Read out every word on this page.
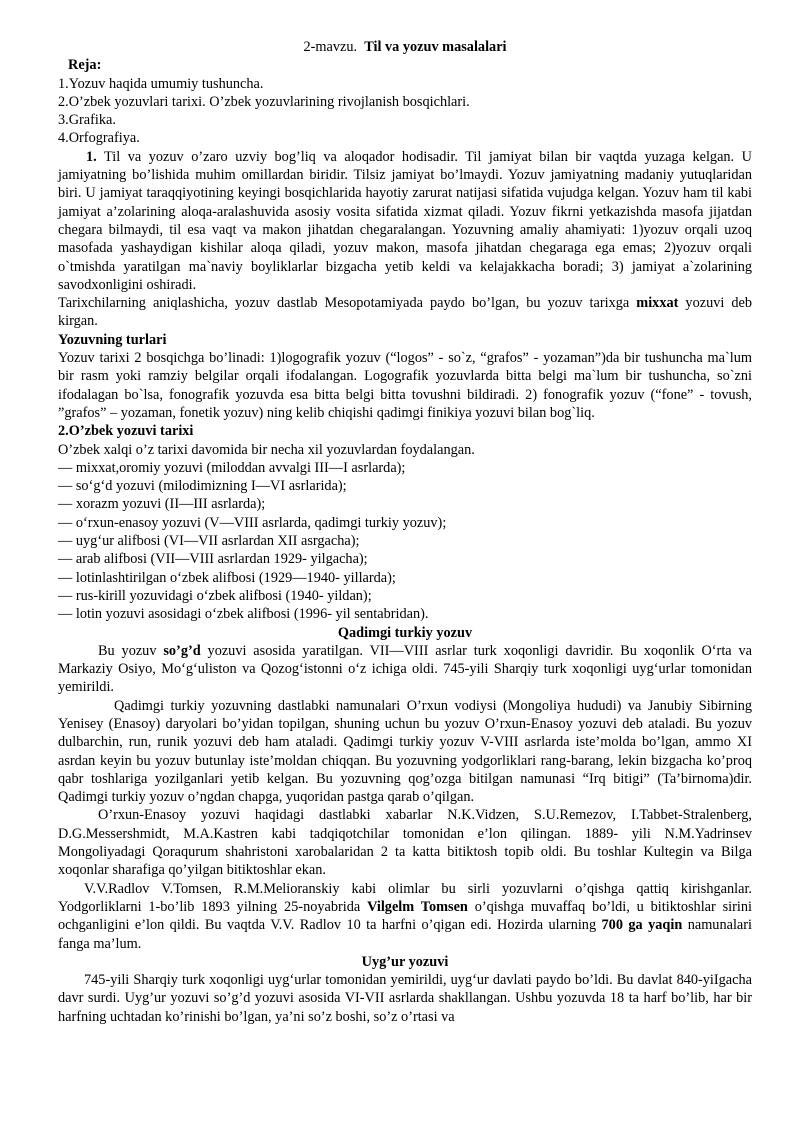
2-mavzu. Til va yozuv masalalari

Reja:

1.Yozuv haqida umumiy tushuncha.

2.O’zbek yozuvlari tarixi. O’zbek yozuvlarining rivojlanish bosqichlari.

3.Grafika.

4.Orfografiya.

1. Til va yozuv o’zaro uzviy bog’liq va aloqador hodisadir. Til jamiyat bilan bir vaqtda yuzaga kelgan. U jamiyatning bo’lishida muhim omillardan biridir. Tilsiz jamiyat bo’lmaydi. Yozuv jamiyatning madaniy yutuqlaridan biri. U jamiyat taraqqiyotining keyingi bosqichlarida hayotiy zarurat natijasi sifatida vujudga kelgan. Yozuv ham til kabi jamiyat a’zolarining aloqa-aralashuvida asosiy vosita sifatida xizmat qiladi. Yozuv fikrni yetkazishda masofa jijatdan chegara bilmaydi, til esa vaqt va makon jihatdan chegaralangan. Yozuvning amaliy ahamiyati: 1)yozuv orqali uzoq masofada yashaydigan kishilar aloqa qiladi, yozuv makon, masofa jihatdan chegaraga ega emas; 2)yozuv orqali o`tmishda yaratilgan ma`naviy boyliklarlar bizgacha yetib keldi va kelajakkacha boradi; 3) jamiyat a`zolarining savodxonligini oshiradi.

Tarixchilarning aniqlashicha, yozuv dastlab Mesopotamiyada paydo bo’lgan, bu yozuv tarixga mixxat yozuvi deb kirgan.

Yozuvning turlari

Yozuv tarixi 2 bosqichga bo’linadi: 1)logografik yozuv (“logos” - so`z, “grafos” - yozaman”)da bir tushuncha ma`lum bir rasm yoki ramziy belgilar orqali ifodalangan. Logografik yozuvlarda bitta belgi ma`lum bir tushuncha, so`zni ifodalagan bo`lsa, fonografik yozuvda esa bitta belgi bitta tovushni bildiradi. 2) fonografik yozuv (“fone” - tovush, ”grafos” – yozaman, fonetik yozuv) ning kelib chiqishi qadimgi finikiya yozuvi bilan bog`liq.

2.O’zbek yozuvi tarixi

O’zbek xalqi o’z tarixi davomida bir necha xil yozuvlardan foydalangan.

— mixxat,oromiy yozuvi (miloddan avvalgi III—I asrlarda);

— so‘g‘d yozuvi (milodimizning I—VI asrlarida);

— xorazm yozuvi (II—III asrlarda);

— o‘rxun-enasoy yozuvi (V—VIII asrlarda, qadimgi turkiy yozuv);

— uyg‘ur alifbosi (VI—VII asrlardan XII asrgacha);

— arab alifbosi (VII—VIII asrlardan 1929- yilgacha);

— lotinlashtirilgan o‘zbek alifbosi (1929—1940- yillarda);

— rus-kirill yozuvidagi o‘zbek alifbosi (1940- yildan);

— lotin yozuvi asosidagi o‘zbek alifbosi (1996- yil sentabridan).

Qadimgi turkiy yozuv

Bu yozuv so’g’d yozuvi asosida yaratilgan. VII—VIII asrlar turk xoqonligi davridir. Bu xoqonlik O‘rta va Markaziy Osiyo, Mo‘g‘uliston va Qozog‘istonni o‘z ichiga oldi. 745-yili Sharqiy turk xoqonligi uyg‘urlar tomonidan yemirildi.

Qadimgi turkiy yozuvning dastlabki namunalari O’rxun vodiysi (Mongoliya hududi) va Janubiy Sibirning Yenisey (Enasoy) daryolari bo’yidan topilgan, shuning uchun bu yozuv O’rxun-Enasoy yozuvi deb ataladi. Bu yozuv dulbarchin, run, runik yozuvi deb ham ataladi. Qadimgi turkiy yozuv V-VIII asrlarda iste’molda bo’lgan, ammo XI asrdan keyin bu yozuv butunlay iste’moldan chiqqan. Bu yozuvning yodgorliklari rang-barang, lekin bizgacha ko’proq qabr toshlariga yozilganlari yetib kelgan. Bu yozuvning qog’ozga bitilgan namunasi “Irq bitigi” (Ta’birnoma)dir. Qadimgi turkiy yozuv o’ngdan chapga, yuqoridan pastga qarab o’qilgan.

O’rxun-Enasoy yozuvi haqidagi dastlabki xabarlar N.K.Vidzen, S.U.Remezov, I.Tabbet-Stralenberg, D.G.Messershmidt, M.A.Kastren kabi tadqiqotchilar tomonidan e’lon qilingan. 1889- yili N.M.Yadrinsev Mongoliyadagi Qoraqurum shahristoni xarobalaridan 2 ta katta bitiktosh topib oldi. Bu toshlar Kultegin va Bilga xoqonlar sharafiga qo’yilgan bitiktoshlar ekan.

V.V.Radlov V.Tomsen, R.M.Melioranskiy kabi olimlar bu sirli yozuvlarni o’qishga qattiq kirishganlar. Yodgorliklarni 1-bo’lib 1893 yilning 25-noyabrida Vilgelm Tomsen o’qishga muvaffaq bo’ldi, u bitiktoshlar sirini ochganligini e’lon qildi. Bu vaqtda V.V. Radlov 10 ta harfni o’qigan edi. Hozirda ularning 700 ga yaqin namunalari fanga ma’lum.

Uyg’ur yozuvi

745-yili Sharqiy turk xoqonligi uyg‘urlar tomonidan yemirildi, uyg‘ur davlati paydo bo’ldi. Bu davlat 840-yiIgacha davr surdi. Uyg’ur yozuvi so’g’d yozuvi asosida VI-VII asrlarda shakllangan. Ushbu yozuvda 18 ta harf bo’lib, har bir harfning uchtadan ko’rinishi bo’lgan, ya’ni so’z boshi, so’z o’rtasi va
